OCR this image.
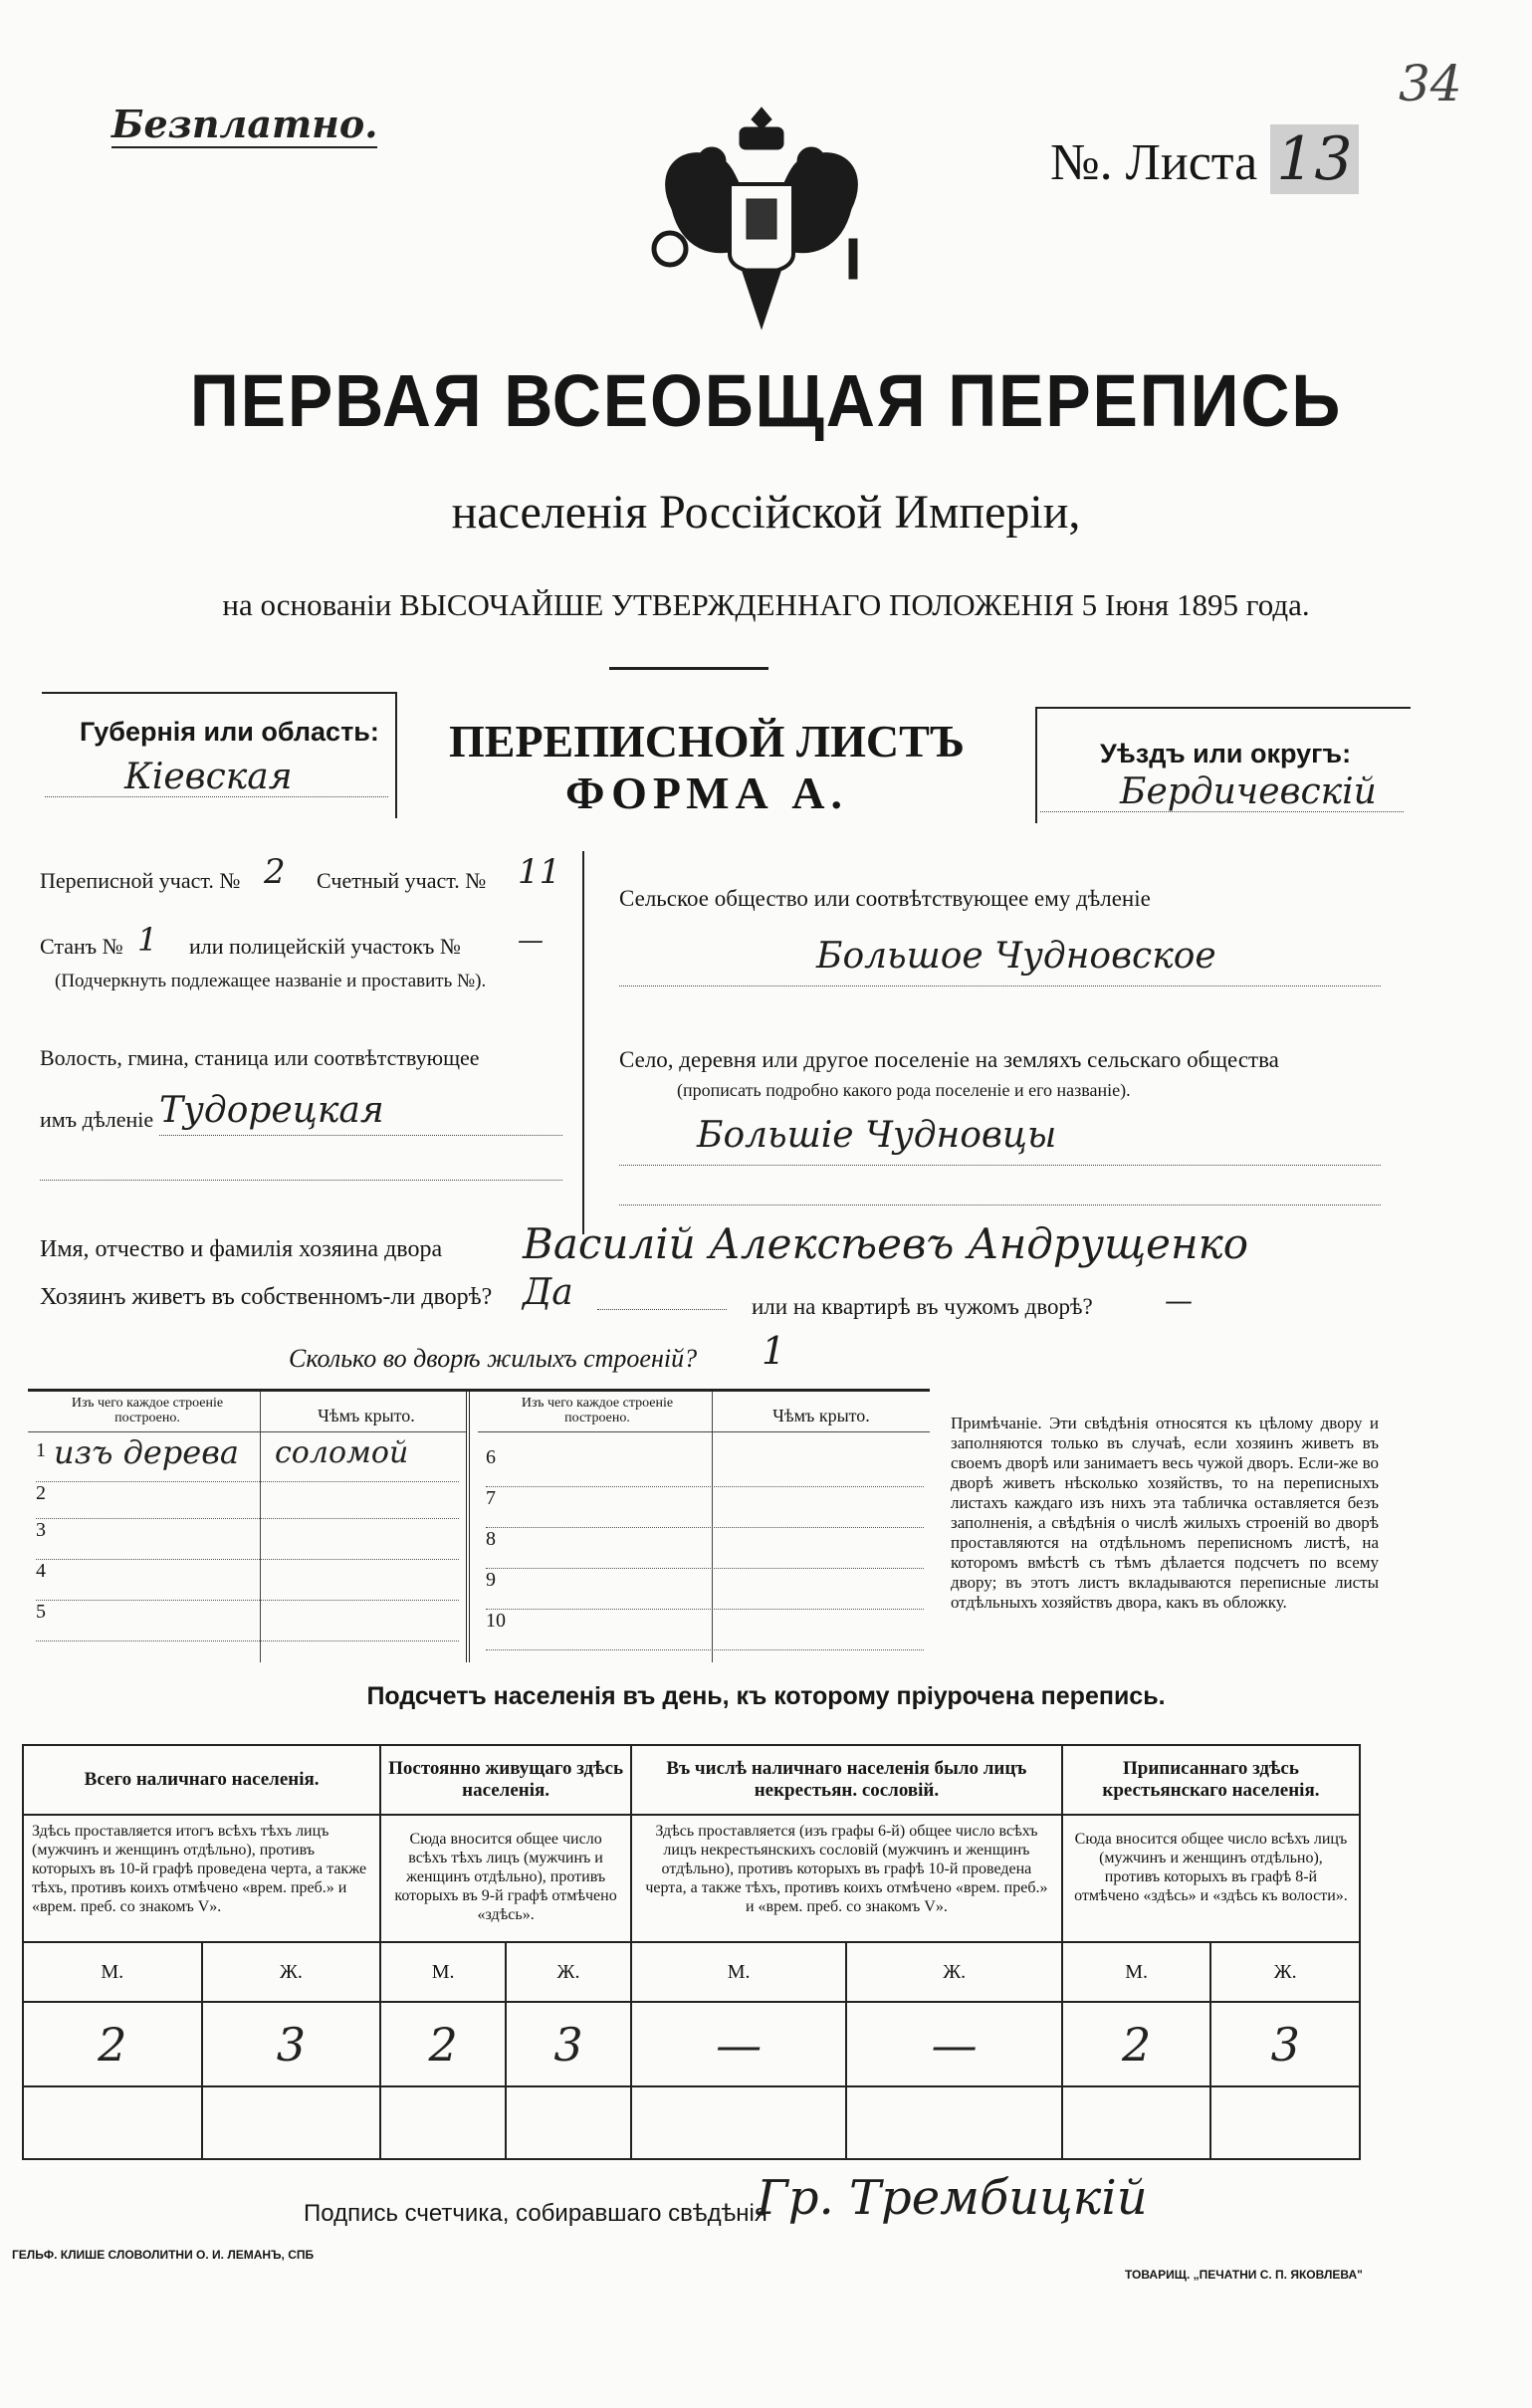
Безплатно.
№. Листа 13
34
ПЕРВАЯ ВСЕОБЩАЯ ПЕРЕПИСЬ
населенія Россійской Имперіи,
на основаніи ВЫСОЧАЙШЕ УТВЕРЖДЕННАГО ПОЛОЖЕНІЯ 5 Іюня 1895 года.
Губернія или область:
Кіевская
ПЕРЕПИСНОЙ ЛИСТЪ
ФОРМА А.
Уѣздъ или округъ:
Бердичевскій
Переписной участ. № 2 Счетный участ. № 11
Станъ № 1 или полицейскій участокъ № —
(Подчеркнуть подлежащее названіе и проставить №).
Волость, гмина, станица или соотвѣтствующее
имъ дѣленіе Тудорецкая
Сельское общество или соотвѣтствующее ему дѣленіе
Большое Чудновское
Село, деревня или другое поселеніе на земляхъ сельскаго общества
(прописать подробно какого рода поселеніе и его названіе).
Большіе Чудновцы
Имя, отчество и фамилія хозяина двора Василій Алексѣевъ Андрущенко
Хозяинъ живетъ въ собственномъ-ли дворѣ? Да	или на квартирѣ въ чужомъ дворѣ?	—
Сколько во дворѣ жилыхъ строеній? 1
Изъ чего каждое строеніе построено.	Чѣмъ крыто.
1 изъ дерева соломой
2
3
4
5
Изъ чего каждое строеніе построено.	Чѣмъ крыто.
6
7
8
9
10
Примѣчаніе. Эти свѣдѣнія относятся къ цѣлому двору и заполняются только въ случаѣ, если хозяинъ живетъ въ своемъ дворѣ или занимаетъ весь чужой дворъ. Если-же во дворѣ живетъ нѣсколько хозяйствъ, то на переписныхъ листахъ каждаго изъ нихъ эта табличка оставляется безъ заполненія, а свѣдѣнія о числѣ жилыхъ строеній во дворѣ проставляются на отдѣльномъ переписномъ листѣ, на которомъ вмѣстѣ съ тѣмъ дѣлается подсчетъ по всему двору; въ этотъ листъ вкладываются переписные листы отдѣльныхъ хозяйствъ двора, какъ въ обложку.
Подсчетъ населенія въ день, къ которому пріурочена перепись.
Всего наличнаго населенія.		Постоянно живущаго здѣсь населенія.		Въ числѣ наличнаго населенія было лицъ некрестьян. сословій.		Приписаннаго здѣсь крестьянскаго населенія.	
Здѣсь проставляется итогъ всѣхъ тѣхъ лицъ (мужчинъ и женщинъ отдѣльно), противъ которыхъ въ 10-й графѣ проведена черта, а также тѣхъ, противъ коихъ отмѣчено «врем. преб.» и «врем. преб. со знакомъ V».		Сюда вносится общее число всѣхъ тѣхъ лицъ (мужчинъ и женщинъ отдѣльно), противъ которыхъ въ 9-й графѣ отмѣчено «здѣсь».		Здѣсь проставляется (изъ графы 6-й) общее число всѣхъ лицъ некрестьянскихъ сословій (мужчинъ и женщинъ отдѣльно), противъ которыхъ въ графѣ 10-й проведена черта, а также тѣхъ, противъ коихъ отмѣчено «врем. преб.» и «врем. преб. со знакомъ V».		Сюда вносится общее число всѣхъ лицъ (мужчинъ и женщинъ отдѣльно), противъ которыхъ въ графѣ 8-й отмѣчено «здѣсь» и «здѣсь къ волости».	
М.	Ж.	М.	Ж.	М.	Ж.	М.	Ж.
2	3	2	3	—	—	2	3

Подпись счетчика, собиравшаго свѣдѣнія
Гр. Трембицкій
ГЕЛЬФ. КЛИШЕ СЛОВОЛИТНИ О. И. ЛЕМАНЪ, СПБ
ТОВАРИЩ. „ПЕЧАТНИ С. П. ЯКОВЛЕВА"
